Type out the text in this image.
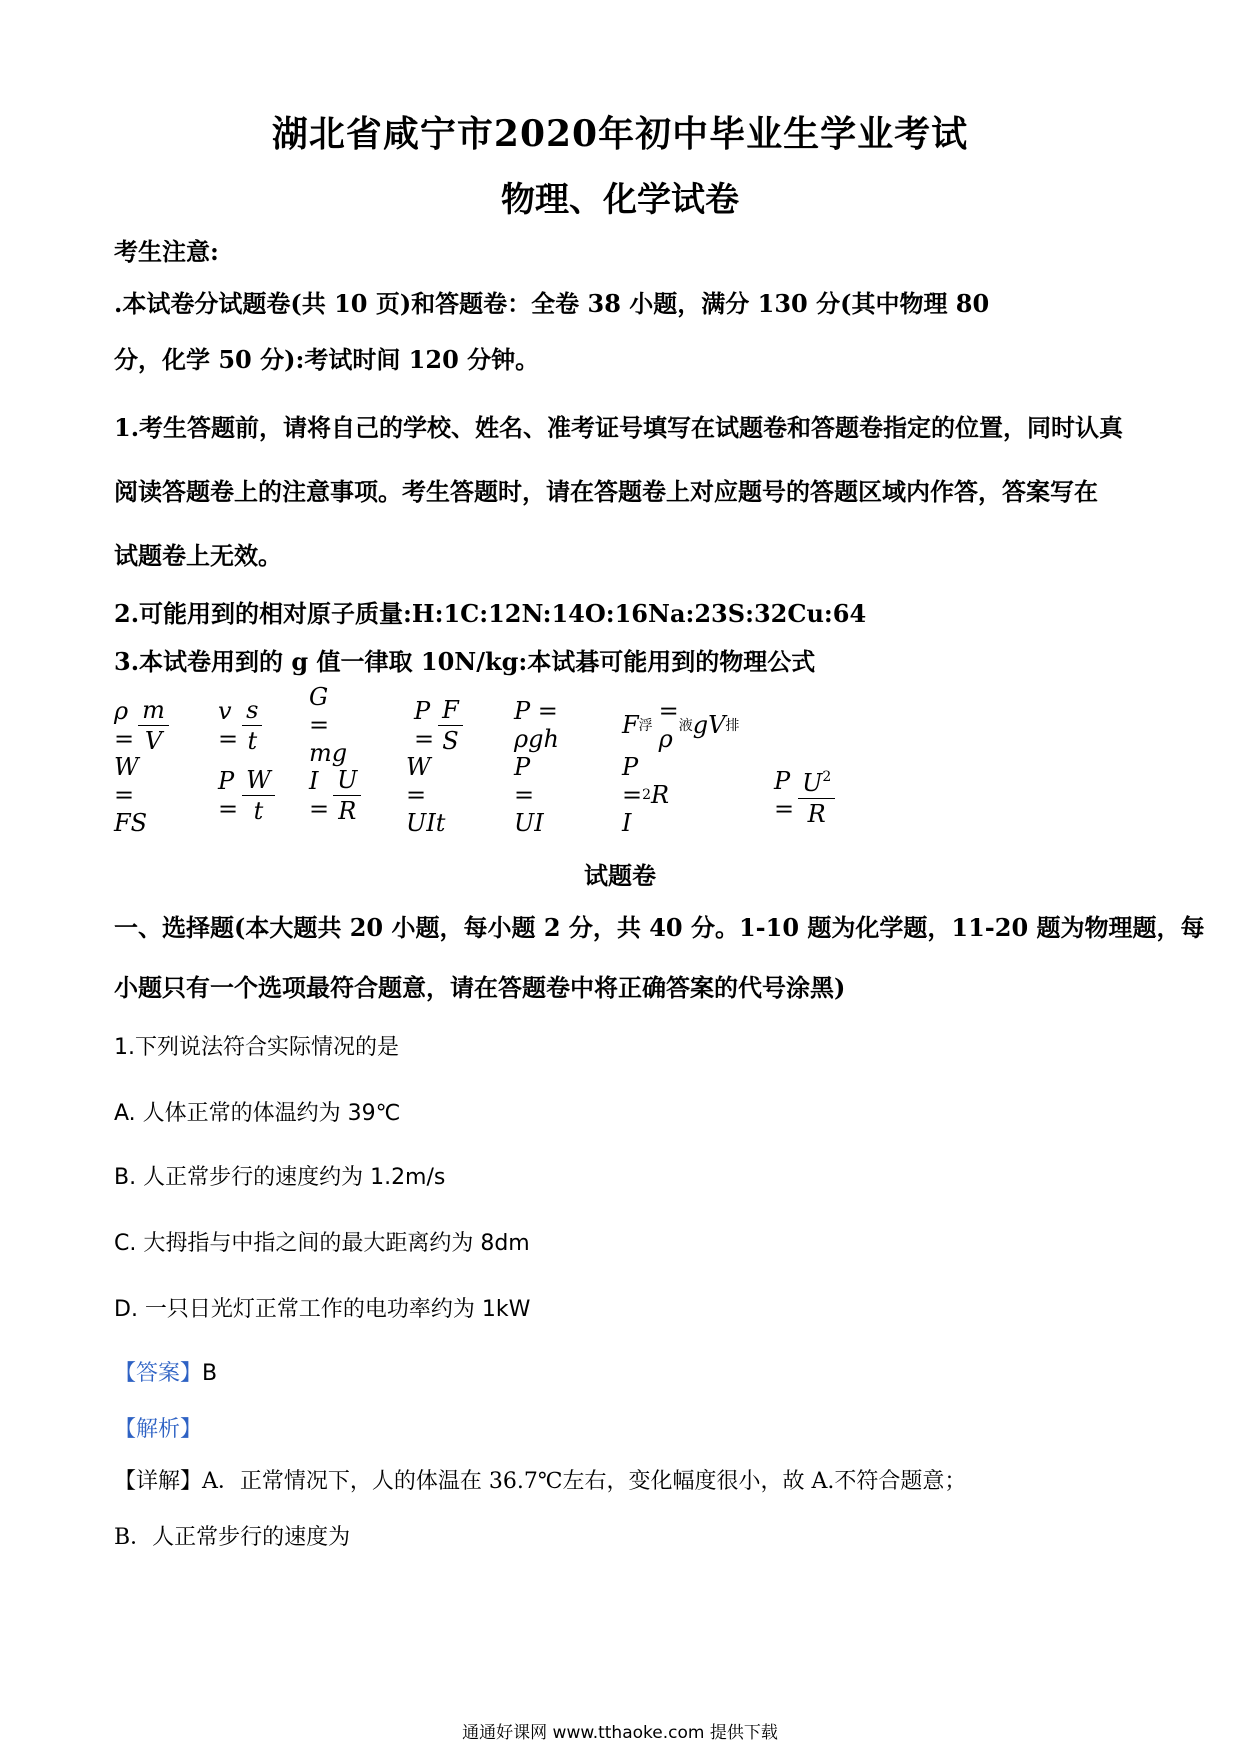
湖北省咸宁市2020年初中毕业生学业考试
物理、化学试卷
考生注意:
.本试卷分试题卷(共 10 页)和答题卷：全卷 38 小题，满分 130 分(其中物理 80
分，化学 50 分):考试时间 120 分钟。
1.考生答题前，请将自己的学校、姓名、准考证号填写在试题卷和答题卷指定的位置，同时认真
阅读答题卷上的注意事项。考生答题时，请在答题卷上对应题号的答题区域内作答，答案写在
试题卷上无效。
2.可能用到的相对原子质量:H:1C:12N:14O:16Na:23S:32Cu:64
3.本试卷用到的 g 值一律取 10N/kg:本试碁可能用到的物理公式
$\rho = \frac{m}{V}$ $v = \frac{s}{t}$ G = mg
$P = \frac{F}{S}$ P = ρgh	F 浮
= ρ 液 gV 排
W = FS
$P = \frac{W}{t}$ $I = \frac{U}{R}$ W = UIt
P = UI
P = I
2 R	$P = \frac{U^2}{R}$
试题卷
一、选择题(本大题共 20 小题，每小题 2 分，共 40 分。1-10 题为化学题，11-20 题为物理题，每
小题只有一个选项最符合题意，请在答题卷中将正确答案的代号涂黑)
1.下列说法符合实际情况的是
A. 人体正常的体温约为 39℃
B. 人正常步行的速度约为 1.2m/s
C. 大拇指与中指之间的最大距离约为 8dm
D. 一只日光灯正常工作的电功率约为 1kW
【答案】B
【解析】
【详解】A．正常情况下，人的体温在 36.7℃左右，变化幅度很小，故 A.不符合题意；
B．人正常步行的速度为
通通好课网 www.tthaoke.com 提供下载
